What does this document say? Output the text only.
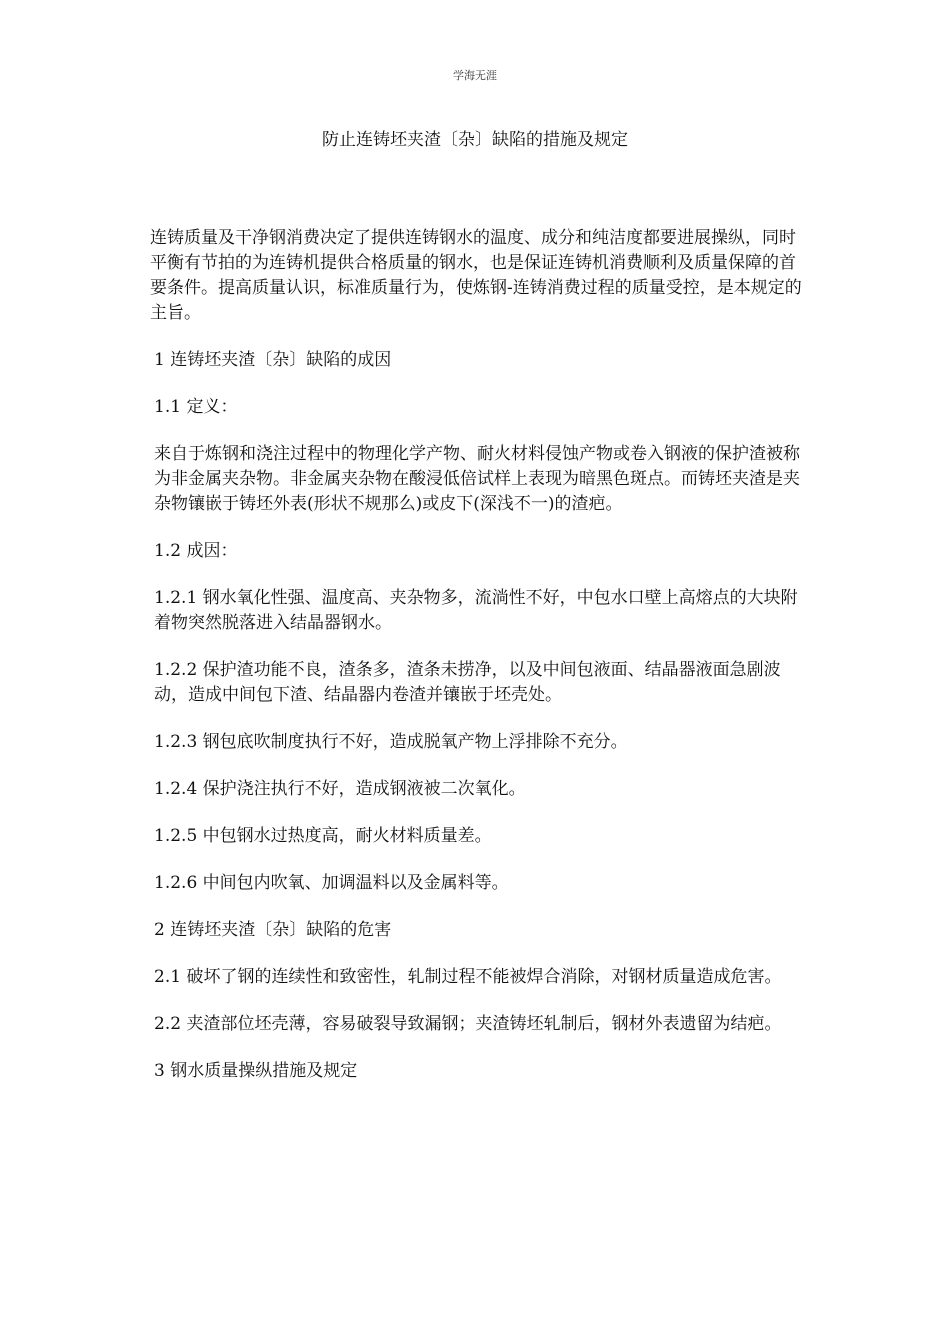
学海无涯
防止连铸坯夹渣〔杂〕缺陷的措施及规定

连铸质量及干净钢消费决定了提供连铸钢水的温度、成分和纯洁度都要进展操纵，同时平衡有节拍的为连铸机提供合格质量的钢水，也是保证连铸机消费顺利及质量保障的首要条件。提高质量认识，标准质量行为，使炼钢-连铸消费过程的质量受控，是本规定的主旨。

1 连铸坯夹渣〔杂〕缺陷的成因

1.1 定义：

来自于炼钢和浇注过程中的物理化学产物、耐火材料侵蚀产物或卷入钢液的保护渣被称为非金属夹杂物。非金属夹杂物在酸浸低倍试样上表现为暗黑色斑点。而铸坯夹渣是夹杂物镶嵌于铸坯外表(形状不规那么)或皮下(深浅不一)的渣疤。

1.2 成因：

1.2.1 钢水氧化性强、温度高、夹杂物多，流淌性不好，中包水口壁上高熔点的大块附着物突然脱落进入结晶器钢水。

1.2.2 保护渣功能不良，渣条多，渣条未捞净，以及中间包液面、结晶器液面急剧波动，造成中间包下渣、结晶器内卷渣并镶嵌于坯壳处。

1.2.3 钢包底吹制度执行不好，造成脱氧产物上浮排除不充分。

1.2.4 保护浇注执行不好，造成钢液被二次氧化。

1.2.5 中包钢水过热度高，耐火材料质量差。

1.2.6 中间包内吹氧、加调温料以及金属料等。

2 连铸坯夹渣〔杂〕缺陷的危害

2.1 破坏了钢的连续性和致密性，轧制过程不能被焊合消除，对钢材质量造成危害。

2.2 夹渣部位坯壳薄，容易破裂导致漏钢；夹渣铸坯轧制后，钢材外表遗留为结疤。

3 钢水质量操纵措施及规定
